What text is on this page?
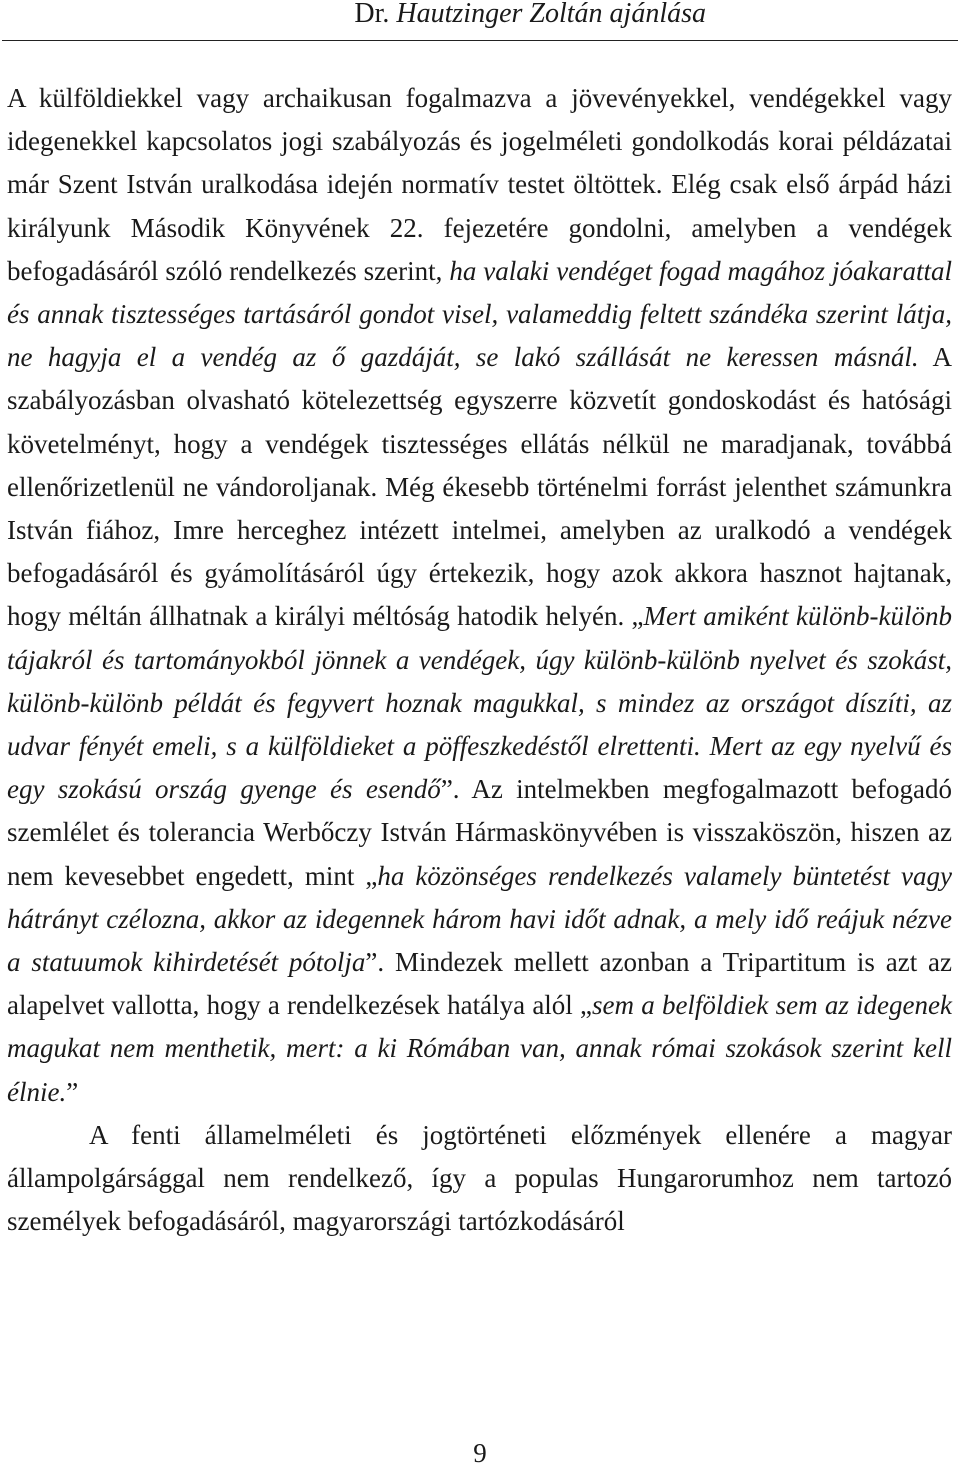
Dr. Hautzinger Zoltán ajánlása

A külföldiekkel vagy archaikusan fogalmazva a jövevényekkel, vendégekkel vagy idegenekkel kapcsolatos jogi szabályozás és jogelméleti gondolkodás korai példázatai már Szent István uralkodása idején normatív testet öltöttek. Elég csak első árpád házi királyunk Második Könyvének 22. fejezetére gondolni, amelyben a vendégek befogadásáról szóló rendelkezés szerint, ha valaki vendéget fogad magához jóakarattal és annak tisztességes tartásáról gondot visel, valameddig feltett szándéka szerint látja, ne hagyja el a vendég az ő gazdáját, se lakó szállását ne keressen másnál. A szabályozásban olvasható kötelezettség egyszerre közvetít gondoskodást és hatósági követelményt, hogy a vendégek tisztességes ellátás nélkül ne maradjanak, továbbá ellenőrizetlenül ne vándoroljanak. Még ékesebb történelmi forrást jelenthet számunkra István fiához, Imre herceghez intézett intelmei, amelyben az uralkodó a vendégek befogadásáról és gyámolításáról úgy értekezik, hogy azok akkora hasznot hajtanak, hogy méltán állhatnak a királyi méltóság hatodik helyén. „Mert amiként különb-különb tájakról és tartományokból jönnek a vendégek, úgy különb-különb nyelvet és szokást, különb-különb példát és fegyvert hoznak magukkal, s mindez az országot díszíti, az udvar fényét emeli, s a külföldieket a pöffeszkedéstől elrettenti. Mert az egy nyelvű és egy szokású ország gyenge és esendő”. Az intelmekben megfogalmazott befogadó szemlélet és tolerancia Werbőczy István Hármaskönyvében is visszaköszön, hiszen az nem kevesebbet engedett, mint „ha közönséges rendelkezés valamely büntetést vagy hátrányt czélozna, akkor az idegennek három havi időt adnak, a mely idő reájuk nézve a statuumok kihirdetését pótolja”. Mindezek mellett azonban a Tripartitum is azt az alapelvet vallotta, hogy a rendelkezések hatálya alól „sem a belföldiek sem az idegenek magukat nem menthetik, mert: a ki Rómában van, annak római szokások szerint kell élnie.”

A fenti államelméleti és jogtörténeti előzmények ellenére a magyar állampolgársággal nem rendelkező, így a populas Hungarorumhoz nem tartozó személyek befogadásáról, magyarországi tartózkodásáról

9
